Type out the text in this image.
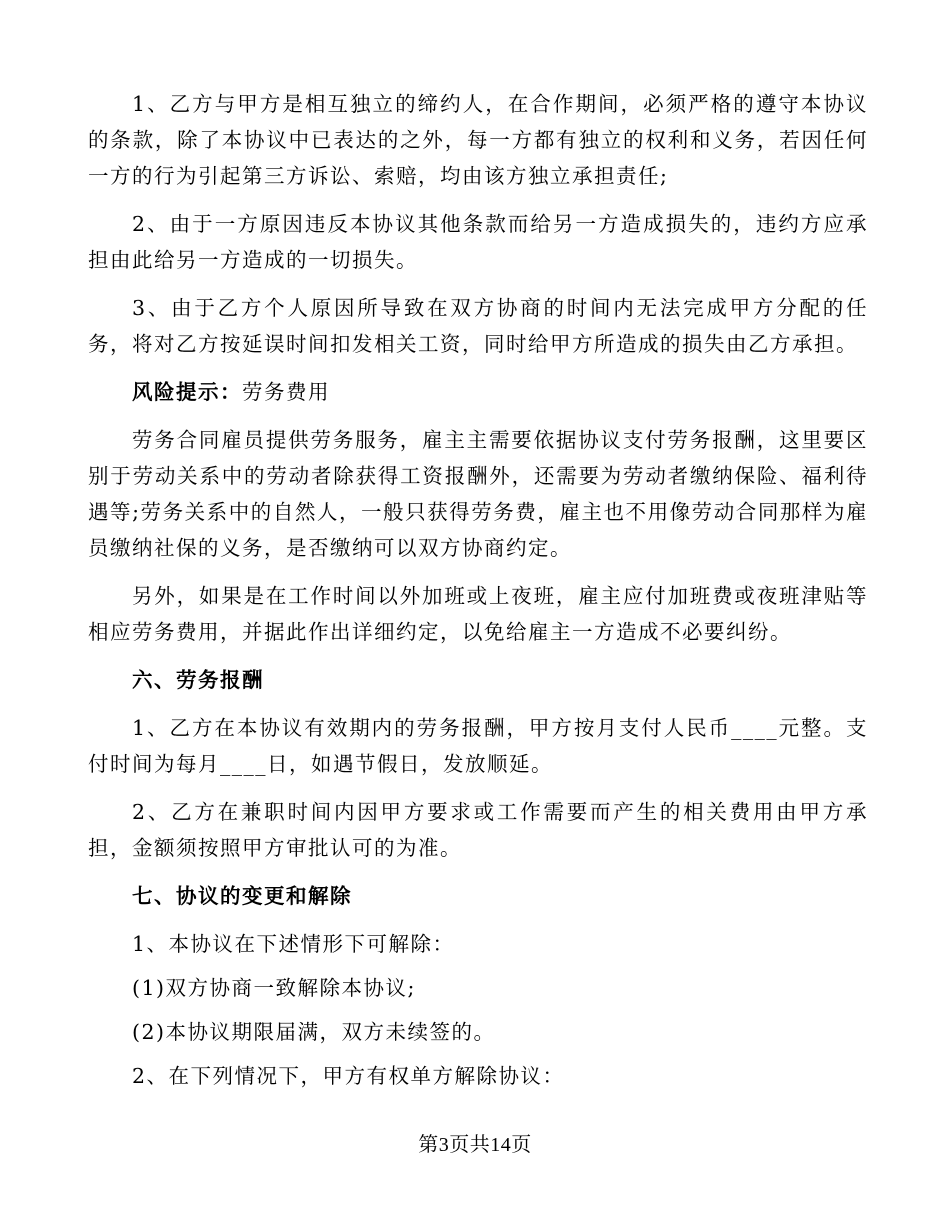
1、乙方与甲方是相互独立的缔约人，在合作期间，必须严格的遵守本协议的条款，除了本协议中已表达的之外，每一方都有独立的权利和义务，若因任何一方的行为引起第三方诉讼、索赔，均由该方独立承担责任;

2、由于一方原因违反本协议其他条款而给另一方造成损失的，违约方应承担由此给另一方造成的一切损失。

3、由于乙方个人原因所导致在双方协商的时间内无法完成甲方分配的任务，将对乙方按延误时间扣发相关工资，同时给甲方所造成的损失由乙方承担。

风险提示：劳务费用

劳务合同雇员提供劳务服务，雇主主需要依据协议支付劳务报酬，这里要区别于劳动关系中的劳动者除获得工资报酬外，还需要为劳动者缴纳保险、福利待遇等;劳务关系中的自然人，一般只获得劳务费，雇主也不用像劳动合同那样为雇员缴纳社保的义务，是否缴纳可以双方协商约定。

另外，如果是在工作时间以外加班或上夜班，雇主应付加班费或夜班津贴等相应劳务费用，并据此作出详细约定，以免给雇主一方造成不必要纠纷。

六、劳务报酬

1、乙方在本协议有效期内的劳务报酬，甲方按月支付人民币____元整。支付时间为每月____日，如遇节假日，发放顺延。

2、乙方在兼职时间内因甲方要求或工作需要而产生的相关费用由甲方承担，金额须按照甲方审批认可的为准。

七、协议的变更和解除

1、本协议在下述情形下可解除：

(1)双方协商一致解除本协议;

(2)本协议期限届满，双方未续签的。

2、在下列情况下，甲方有权单方解除协议：

第3页共14页
